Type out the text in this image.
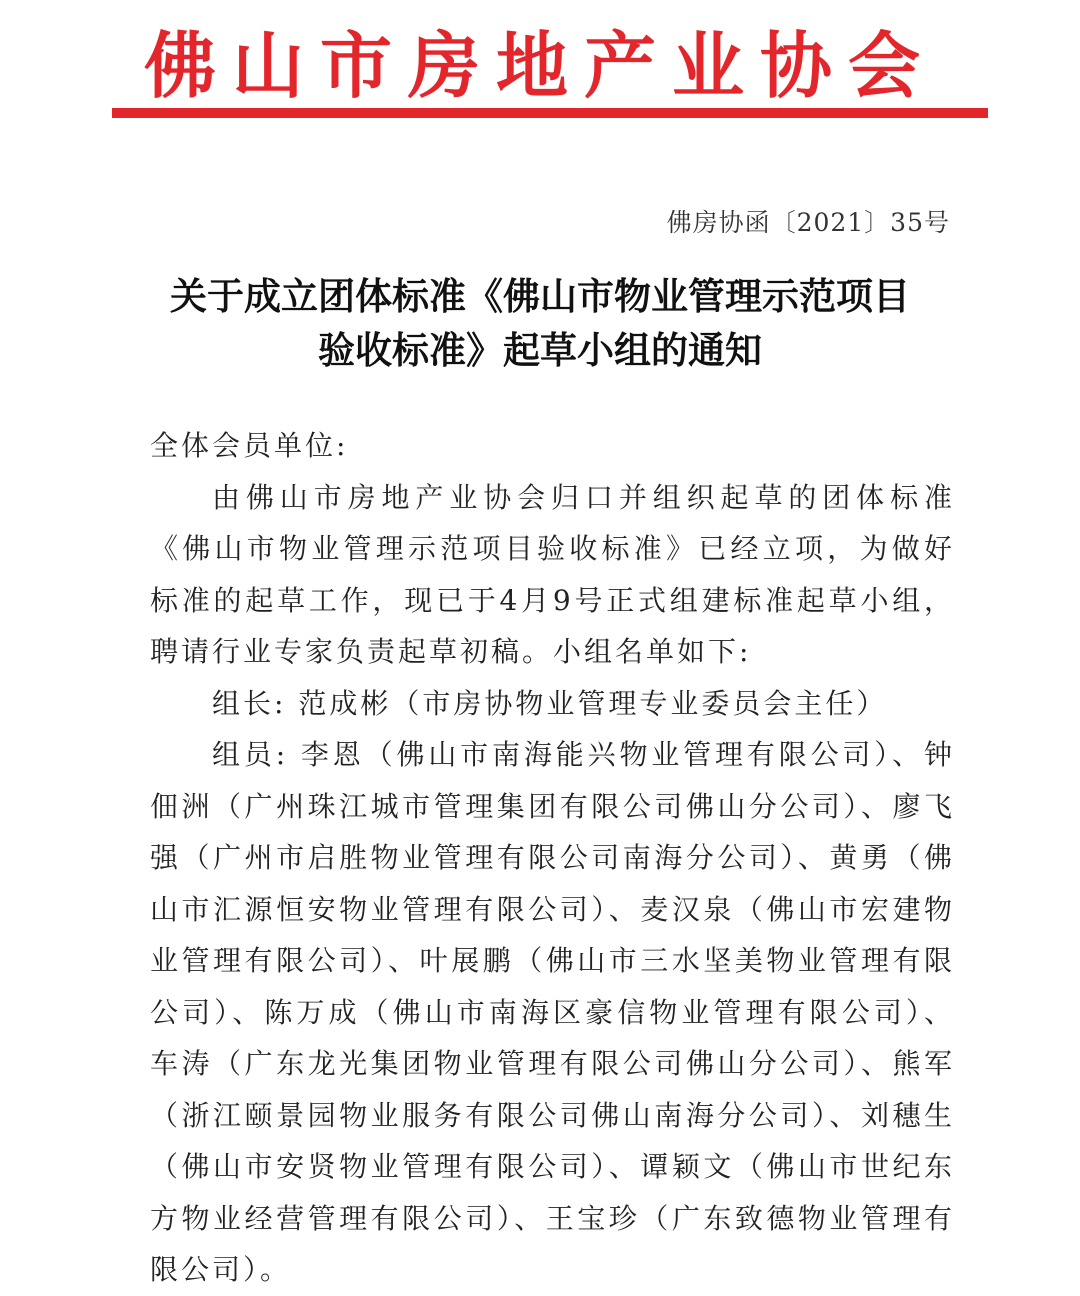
佛山市房地产业协会
佛房协函〔2021〕35号
关于成立团体标准《佛山市物业管理示范项目
验收标准》起草小组的通知

全体会员单位:

由佛山市房地产业协会归口并组织起草的团体标准《佛山市物业管理示范项目验收标准》已经立项，为做好标准的起草工作，现已于4月9号正式组建标准起草小组，聘请行业专家负责起草初稿。小组名单如下:

组长: 范成彬（市房协物业管理专业委员会主任）

组员: 李恩（佛山市南海能兴物业管理有限公司）、钟佃洲（广州珠江城市管理集团有限公司佛山分公司）、廖飞强（广州市启胜物业管理有限公司南海分公司）、黄勇（佛山市汇源恒安物业管理有限公司）、麦汉泉（佛山市宏建物业管理有限公司）、叶展鹏（佛山市三水坚美物业管理有限公司）、陈万成（佛山市南海区豪信物业管理有限公司）、车涛（广东龙光集团物业管理有限公司佛山分公司）、熊军（浙江颐景园物业服务有限公司佛山南海分公司）、刘穗生（佛山市安贤物业管理有限公司）、谭颖文（佛山市世纪东方物业经营管理有限公司）、王宝珍（广东致德物业管理有限公司）。
